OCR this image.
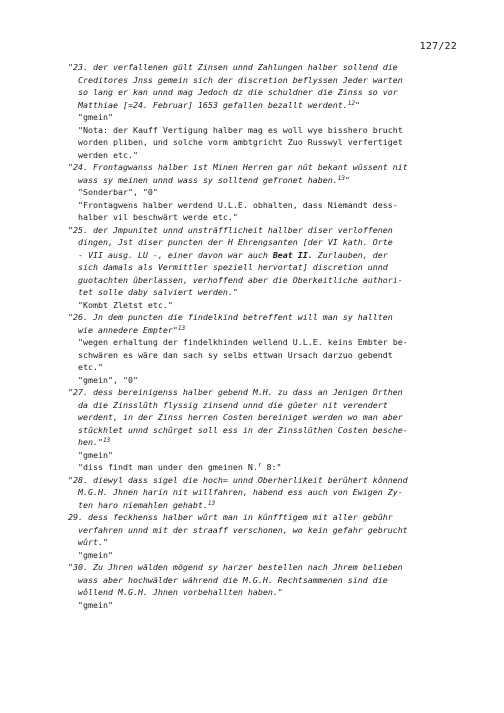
127/22
"23. der verfallenen gült Zinsen unnd Zahlungen halber sollend die
Creditores Jnss gemein sich der discretion beflyssen Jeder warten
so lang er kan unnd mag Jedoch dz die schuldner die Zinss so vor
Matthiae [=24. Februar] 1653 gefallen bezallt werdent.$^{12}$"
"gmein"
"Nota: der Kauff Vertigung halber mag es woll wye bisshero brucht
worden pliben, und solche vorm ambtgricht Zuo Russwyl verfertiget
werden etc."
"24. Frontagwanss halber ist Minen Herren gar nût bekant wûssent nit
wass sy meinen unnd wass sy solltend gefronet haben.$^{13}$"
"Sonderbar", "0"
"Frontagwens halber werdend U.L.E. obhalten, dass Niemandt dess-
halber vil beschwärt werde etc."
"25. der Jmpunitet unnd unsträfflicheit hallber diser verloffenen
dingen, Jst diser puncten der H Ehrengsanten [der VI kath. Orte
- VII ausg. LU -, einer davon war auch Beat II. Zurlauben, der
sich damals als Vermittler speziell hervortat] discretion unnd
guotachten ûberlassen, verhoffend aber die Oberkeitliche authori-
tet solle daby salviert werden."
"Kombt Zletst etc."
"26. Jn dem puncten die findelkind betreffent will man sy hallten
wie annedere Empter"$^{13}$
"wegen erhaltung der findelkhinden wellend U.L.E. keins Embter be-
schwären es wäre dan sach sy selbs ettwan Ursach darzuo gebendt
etc."
"gmein", "0"
"27. dess bereinigenss halber gebend M.H. zu dass an Jenigen Orthen
da die Zinsslûth flyssig zinsend unnd die gûeter nit verendert
werdent, in der Zinss herren Costen bereiniget werden wo man aber
stûckhlet unnd schûrget soll ess in der Zinsslûthen Costen besche-
hen."$^{13}$
"gmein"
"diss findt man under den gmeinen N.$^r$ 8:"
"28. diewyl dass sigel die hoch= unnd Oberherlikeit berûhert kônnend
M.G.H. Jhnen harin nit willfahren, habend ess auch von Ewigen Zy-
ten haro niemahlen gehabt.$^{13}$
29. dess feckhenss halber wûrt man in kûnfftigem mit aller gebûhr
verfahren unnd mit der straaff verschonen, wo kein gefahr gebrucht
wûrt."
"gmein"
"30. Zu Jhren wälden mögend sy harzer bestellen nach Jhrem belieben
wass aber hochwälder während die M.G.H. Rechtsammenen sind die
wôllend M.G.H. Jhnen vorbehallten haben."
"gmein"
